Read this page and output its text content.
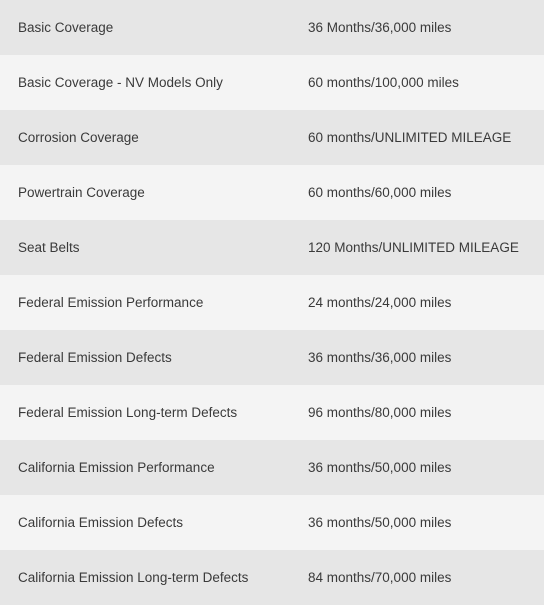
Basic Coverage	36 Months/36,000 miles
Basic Coverage - NV Models Only	60 months/100,000 miles
Corrosion Coverage	60 months/UNLIMITED MILEAGE
Powertrain Coverage	60 months/60,000 miles
Seat Belts	120 Months/UNLIMITED MILEAGE
Federal Emission Performance	24 months/24,000 miles
Federal Emission Defects	36 months/36,000 miles
Federal Emission Long-term Defects	96 months/80,000 miles
California Emission Performance	36 months/50,000 miles
California Emission Defects	36 months/50,000 miles
California Emission Long-term Defects	84 months/70,000 miles
